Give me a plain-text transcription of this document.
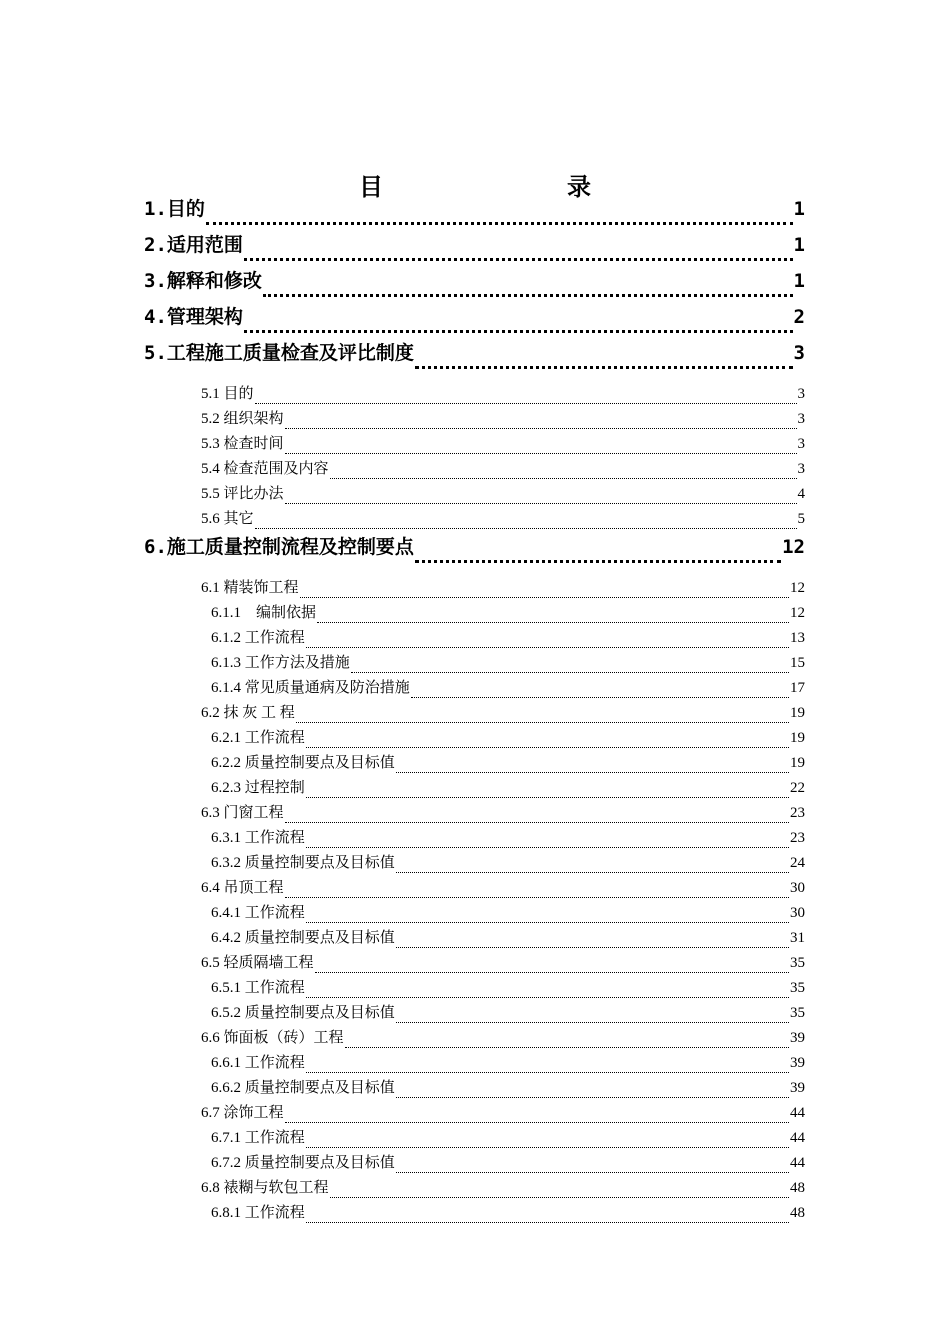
目　录
1.目的	1
2.适用范围	1
3.解释和修改	1
4.管理架构	2
5.工程施工质量检查及评比制度	3
5.1 目的	3
5.2 组织架构	3
5.3 检查时间	3
5.4 检查范围及内容	3
5.5 评比办法	4
5.6 其它	5
6.施工质量控制流程及控制要点	12
6.1 精装饰工程	12
6.1.1　编制依据	12
6.1.2 工作流程	13
6.1.3 工作方法及措施	15
6.1.4 常见质量通病及防治措施	17
6.2 抹 灰 工 程	19
6.2.1 工作流程	19
6.2.2 质量控制要点及目标值	19
6.2.3 过程控制	22
6.3 门窗工程	23
6.3.1 工作流程	23
6.3.2 质量控制要点及目标值	24
6.4 吊顶工程	30
6.4.1 工作流程	30
6.4.2 质量控制要点及目标值	31
6.5 轻质隔墙工程	35
6.5.1 工作流程	35
6.5.2 质量控制要点及目标值	35
6.6 饰面板（砖）工程	39
6.6.1 工作流程	39
6.6.2 质量控制要点及目标值	39
6.7 涂饰工程	44
6.7.1 工作流程	44
6.7.2 质量控制要点及目标值	44
6.8 裱糊与软包工程	48
6.8.1 工作流程	48
